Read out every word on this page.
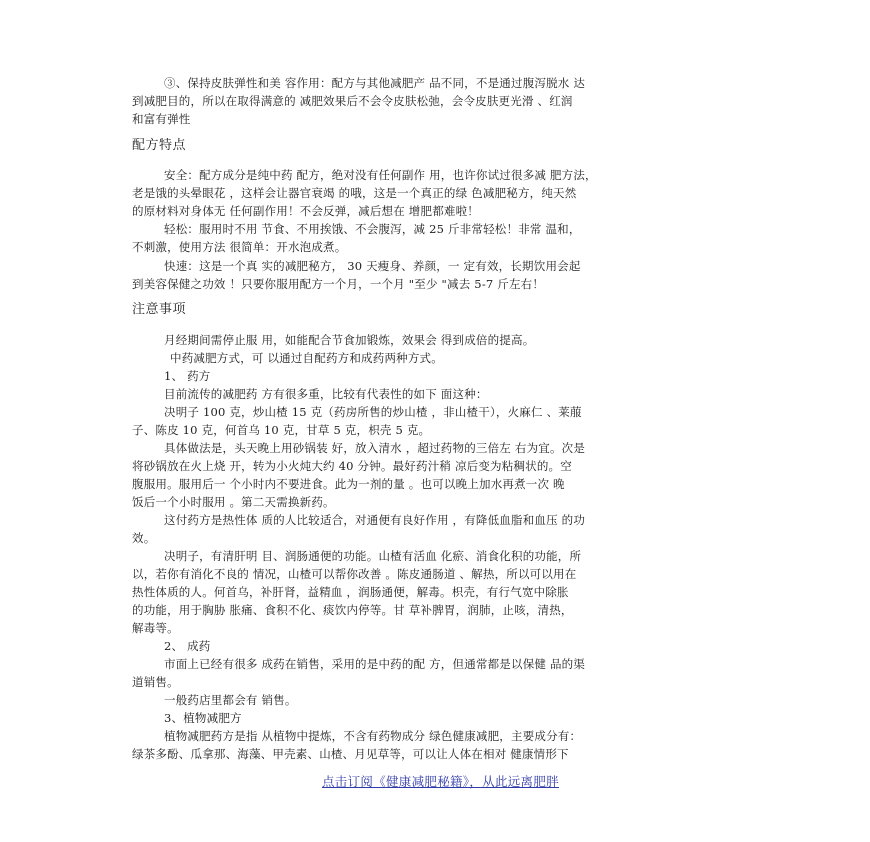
③、保持皮肤弹性和美 容作用：配方与其他减肥产 品不同，不是通过腹泻脱水 达
到减肥目的，所以在取得满意的 减肥效果后不会令皮肤松弛，会令皮肤更光滑 、红润
和富有弹性
配方特点
安全：配方成分是纯中药 配方，绝对没有任何副作 用，也许你试过很多减 肥方法，
老是饿的头晕眼花 ，这样会让器官衰竭 的哦，这是一个真正的绿 色减肥秘方，纯天然
的原材料对身体无 任何副作用！不会反弹，减后想在 增肥都难啦！
轻松：服用时不用 节食、不用挨饿、不会腹泻，减 25 斤非常轻松！非常 温和，
不刺激，使用方法 很简单：开水泡成煮。
快速：这是一个真 实的减肥秘方， 30 天瘦身、养颜，一 定有效，长期饮用会起
到美容保健之功效 ！只要你服用配方一个月，一个月 "至少 "减去 5-7 斤左右！
注意事项
月经期间需停止服 用，如能配合节食加锻炼，效果会 得到成倍的提高。
中药减肥方式，可 以通过自配药方和成药两种方式。
1、 药方
目前流传的减肥药 方有很多重，比较有代表性的如下 面这种：
决明子 100 克，炒山楂 15 克（药房所售的炒山楂 ，非山楂干），火麻仁 、莱菔
子、陈皮 10 克，何首乌 10 克，甘草 5 克，枳壳 5 克。
具体做法是，头天晚上用砂锅装 好，放入清水 ，超过药物的三倍左 右为宜。次是
将砂锅放在火上烧 开，转为小火炖大约 40 分钟。最好药汁稍 凉后变为粘稠状的。空
腹服用。服用后一 个小时内不要进食。此为一剂的量 。也可以晚上加水再煮一次 晚
饭后一个小时服用 。第二天需换新药。
这付药方是热性体 质的人比较适合，对通便有良好作用 ，有降低血脂和血压 的功
效。
决明子，有清肝明 目、润肠通便的功能。山楂有活血 化瘀、消食化积的功能，所
以，若你有消化不良的 情况，山楂可以帮你改善 。陈皮通肠道 、解热，所以可以用在
热性体质的人。何首乌，补肝肾，益精血 ，润肠通便，解毒。枳壳，有行气宽中除胀
的功能，用于胸胁 胀痛、食积不化、痰饮内停等。甘 草补脾胃，润肺，止咳，清热，
解毒等。
2、 成药
市面上已经有很多 成药在销售，采用的是中药的配 方，但通常都是以保健 品的渠
道销售。
一般药店里都会有 销售。
3、植物减肥方
植物减肥药方是指 从植物中提炼，不含有药物成分 绿色健康减肥，主要成分有：
绿茶多酚、瓜拿那、海藻、甲壳素、山楂、月见草等，可以让人体在相对 健康情形下
点击订阅《健康减肥秘籍》，从此远离肥胖
